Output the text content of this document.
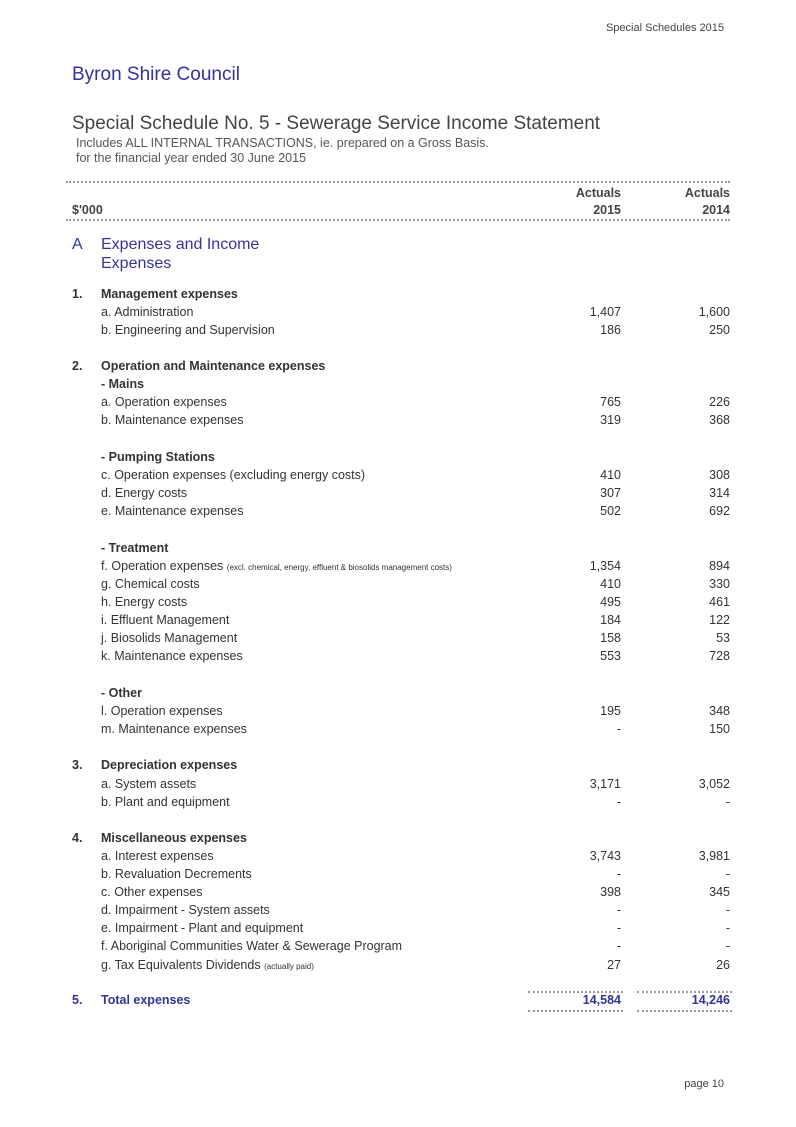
Special Schedules 2015
Byron Shire Council
Special Schedule No. 5 - Sewerage Service Income Statement
Includes ALL INTERNAL TRANSACTIONS, ie. prepared on a Gross Basis.
for the financial year ended 30 June 2015
Actuals	Actuals
$'000	2015	2014
A Expenses and Income
Expenses
1. Management expenses
a. Administration	1,407	1,600
b. Engineering and Supervision	186	250
2. Operation and Maintenance expenses
- Mains
a. Operation expenses	765	226
b. Maintenance expenses	319	368
- Pumping Stations
c. Operation expenses (excluding energy costs)	410	308
d. Energy costs	307	314
e. Maintenance expenses	502	692
- Treatment
f. Operation expenses (excl. chemical, energy, effluent & biosolids management costs)	1,354	894
g. Chemical costs	410	330
h. Energy costs	495	461
i. Effluent Management	184	122
j. Biosolids Management	158	53
k. Maintenance expenses	553	728
- Other
l. Operation expenses	195	348
m. Maintenance expenses	-	150
3. Depreciation expenses
a. System assets	3,171	3,052
b. Plant and equipment	-	-
4. Miscellaneous expenses
a. Interest expenses	3,743	3,981
b. Revaluation Decrements	-	-
c. Other expenses	398	345
d. Impairment - System assets	-	-
e. Impairment - Plant and equipment	-	-
f. Aboriginal Communities Water & Sewerage Program	-	-
g. Tax Equivalents Dividends (actually paid)	27	26
5. Total expenses	14,584	14,246
page 10
